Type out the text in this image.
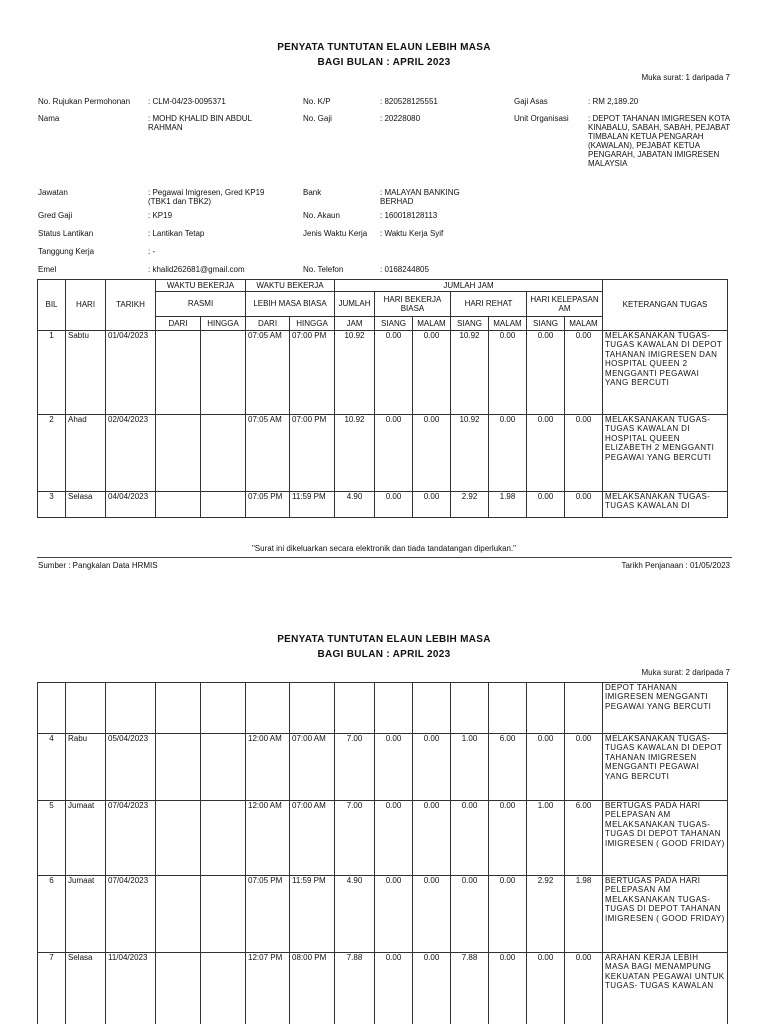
PENYATA TUNTUTAN ELAUN LEBIH MASA
BAGI BULAN : APRIL 2023
Muka surat: 1 daripada 7
No. Rujukan Permohonan : CLM-04/23-0095371	No. K/P	: 820528125551	Gaji Asas	: RM 2,189.20
Nama	: MOHD KHALID BIN ABDUL RAHMAN
No. Gaji	: 20228080	Unit Organisasi : DEPOT TAHANAN IMIGRESEN KOTA KINABALU, SABAH, SABAH, PEJABAT TIMBALAN KETUA PENGARAH (KAWALAN), PEJABAT KETUA PENGARAH, JABATAN IMIGRESEN MALAYSIA
Jawatan	: Pegawai Imigresen, Gred KP19 (TBK1 dan TBK2)
Bank	: MALAYAN BANKING BERHAD
Gred Gaji	: KP19	No. Akaun	: 160018128113
Status Lantikan	: Lantikan Tetap	Jenis Waktu Kerja : Waktu Kerja Syif
Tanggung Kerja	: -
Emel	: khalid262681@gmail.com	No. Telefon	: 0168244805
BIL	HARI	TARIKH	WAKTU BEKERJA		WAKTU BEKERJA		JUMLAH JAM							KETERANGAN TUGAS
			RASMI		LEBIH MASA BIASA		JUMLAH	HARI BEKERJA BIASA		HARI REHAT		HARI KELEPASAN AM		
			DARI	HINGGA	DARI	HINGGA	JAM	SIANG	MALAM	SIANG	MALAM	SIANG	MALAM	
1	Sabtu	01/04/2023			07:05 AM	07:00 PM	10.92	0.00	0.00	10.92	0.00	0.00	0.00	MELAKSANAKAN TUGAS-TUGAS KAWALAN DI DEPOT TAHANAN IMIGRESEN DAN HOSPITAL QUEEN 2 MENGGANTI PEGAWAI YANG BERCUTI
2	Ahad	02/04/2023			07:05 AM	07:00 PM	10.92	0.00	0.00	10.92	0.00	0.00	0.00	MELAKSANAKAN TUGAS-TUGAS KAWALAN DI HOSPITAL QUEEN ELIZABETH 2 MENGGANTI PEGAWAI YANG BERCUTI
3	Selasa	04/04/2023			07:05 PM	11:59 PM	4.90	0.00	0.00	2.92	1.98	0.00	0.00	MELAKSANAKAN TUGAS-TUGAS KAWALAN DI
"Surat ini dikeluarkan secara elektronik dan tiada tandatangan diperlukan."
Sumber : Pangkalan Data HRMIS	Tarikh Penjanaan : 01/05/2023
PENYATA TUNTUTAN ELAUN LEBIH MASA
BAGI BULAN : APRIL 2023
Muka surat: 2 daripada 7
														DEPOT TAHANAN IMIGRESEN MENGGANTI PEGAWAI YANG BERCUTI
4	Rabu	05/04/2023			12:00 AM	07:00 AM	7.00	0.00	0.00	1.00	6.00	0.00	0.00	MELAKSANAKAN TUGAS-TUGAS KAWALAN DI DEPOT TAHANAN IMIGRESEN MENGGANTI PEGAWAI YANG BERCUTI
5	Jumaat	07/04/2023			12:00 AM	07:00 AM	7.00	0.00	0.00	0.00	0.00	1.00	6.00	BERTUGAS PADA HARI PELEPASAN AM MELAKSANAKAN TUGAS-TUGAS DI DEPOT TAHANAN IMIGRESEN ( GOOD FRIDAY)
6	Jumaat	07/04/2023			07:05 PM	11:59 PM	4.90	0.00	0.00	0.00	0.00	2.92	1.98	BERTUGAS PADA HARI PELEPASAN AM MELAKSANAKAN TUGAS-TUGAS DI DEPOT TAHANAN IMIGRESEN ( GOOD FRIDAY)
7	Selasa	11/04/2023			12:07 PM	08:00 PM	7.88	0.00	0.00	7.88	0.00	0.00	0.00	ARAHAN KERJA LEBIH MASA BAGI MENAMPUNG KEKUATAN PEGAWAI UNTUK TUGAS- TUGAS KAWALAN
